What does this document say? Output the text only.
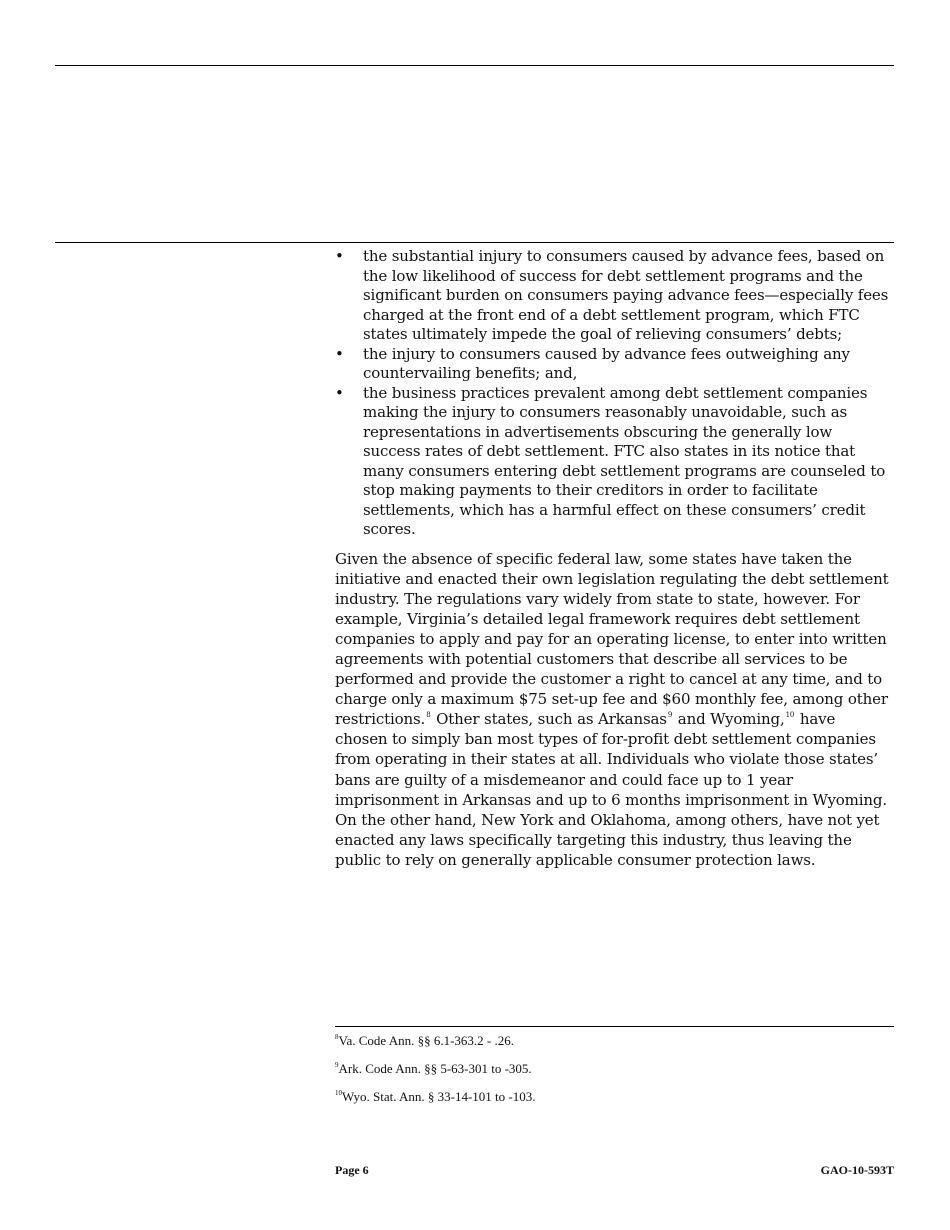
• the substantial injury to consumers caused by advance fees, based on the low likelihood of success for debt settlement programs and the significant burden on consumers paying advance fees—especially fees charged at the front end of a debt settlement program, which FTC states ultimately impede the goal of relieving consumers’ debts;
• the injury to consumers caused by advance fees outweighing any countervailing benefits; and,
• the business practices prevalent among debt settlement companies making the injury to consumers reasonably unavoidable, such as representations in advertisements obscuring the generally low success rates of debt settlement. FTC also states in its notice that many consumers entering debt settlement programs are counseled to stop making payments to their creditors in order to facilitate settlements, which has a harmful effect on these consumers’ credit scores.

Given the absence of specific federal law, some states have taken the initiative and enacted their own legislation regulating the debt settlement industry. The regulations vary widely from state to state, however. For example, Virginia’s detailed legal framework requires debt settlement companies to apply and pay for an operating license, to enter into written agreements with potential customers that describe all services to be performed and provide the customer a right to cancel at any time, and to charge only a maximum $75 set-up fee and $60 monthly fee, among other restrictions.$^8$ Other states, such as Arkansas$^9$ and Wyoming,$^{10}$ have chosen to simply ban most types of for-profit debt settlement companies from operating in their states at all. Individuals who violate those states’ bans are guilty of a misdemeanor and could face up to 1 year imprisonment in Arkansas and up to 6 months imprisonment in Wyoming. On the other hand, New York and Oklahoma, among others, have not yet enacted any laws specifically targeting this industry, thus leaving the public to rely on generally applicable consumer protection laws.

$^8$Va. Code Ann. §§ 6.1-363.2 - .26.
$^9$Ark. Code Ann. §§ 5-63-301 to -305.
$^{10}$Wyo. Stat. Ann. § 33-14-101 to -103.
Page 6	GAO-10-593T
